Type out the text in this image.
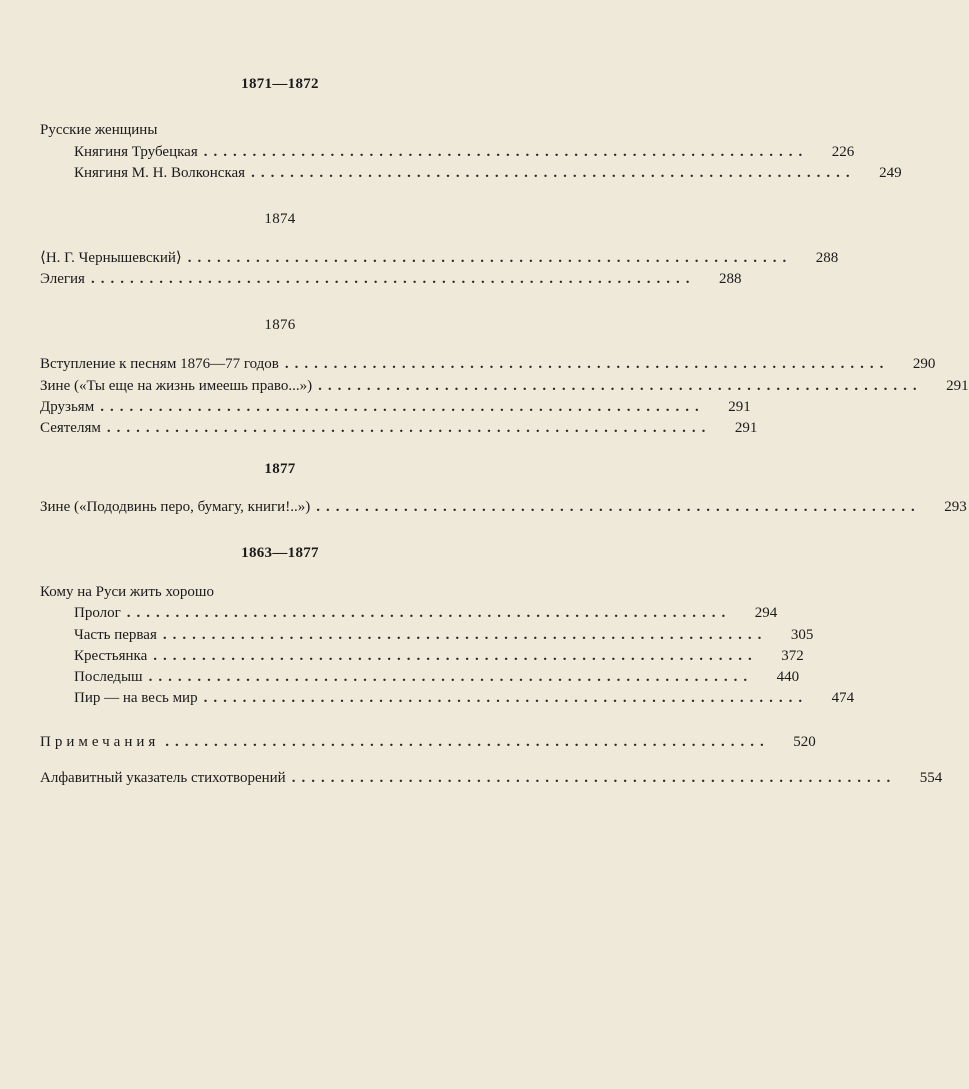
1871—1872
Русские женщины
Княгиня Трубецкая ..............................................................	226
Княгиня М. Н. Волконская ..............................................................	249
1874
⟨Н. Г. Чернышевский⟩ ..............................................................	288
Элегия ..............................................................	288
1876
Вступление к песням 1876—77 годов ..............................................................	290
Зине («Ты еще на жизнь имеешь право...») ..............................................................	291
Друзьям ..............................................................	291
Сеятелям ..............................................................	291
1877
Зине («Пододвинь перо, бумагу, книги!..») ..............................................................	293
1863—1877
Кому на Руси жить хорошо
Пролог ..............................................................	294
Часть первая ..............................................................	305
Крестьянка ..............................................................	372
Последыш ..............................................................	440
Пир — на весь мир ..............................................................	474
Примечания ..............................................................	520
Алфавитный указатель стихотворений ..............................................................	554
